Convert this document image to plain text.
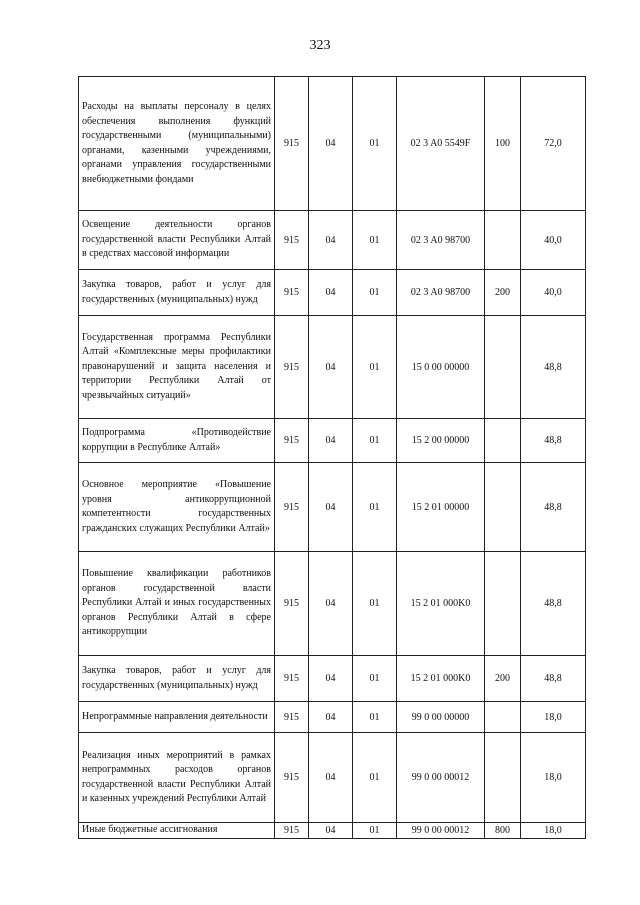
323
Расходы на выплаты персоналу в целях обеспечения выполнения функций государственными (муниципальными) органами, казенными учреждениями, органами управления государственными внебюджетными фондами	915	04	01	02 3 A0 5549F	100	72,0
Освещение деятельности органов государственной власти Республики Алтай в средствах массовой информации	915	04	01	02 3 A0 98700		40,0
Закупка товаров, работ и услуг для государственных (муниципальных) нужд	915	04	01	02 3 A0 98700	200	40,0
Государственная программа Республики Алтай «Комплексные меры профилактики правонарушений и защита населения и территории Республики Алтай от чрезвычайных ситуаций»	915	04	01	15 0 00 00000		48,8
Подпрограмма «Противодействие коррупции в Республике Алтай»	915	04	01	15 2 00 00000		48,8
Основное мероприятие «Повышение уровня антикоррупционной компетентности государственных гражданских служащих Республики Алтай»	915	04	01	15 2 01 00000		48,8
Повышение квалификации работников органов государственной власти Республики Алтай и иных государственных органов Республики Алтай в сфере антикоррупции	915	04	01	15 2 01 000K0		48,8
Закупка товаров, работ и услуг для государственных (муниципальных) нужд	915	04	01	15 2 01 000K0	200	48,8
Непрограммные направления деятельности	915	04	01	99 0 00 00000		18,0
Реализация иных мероприятий в рамках непрограммных расходов органов государственной власти Республики Алтай и казенных учреждений Республики Алтай	915	04	01	99 0 00 00012		18,0
Иные бюджетные ассигнования	915	04	01	99 0 00 00012	800	18,0
